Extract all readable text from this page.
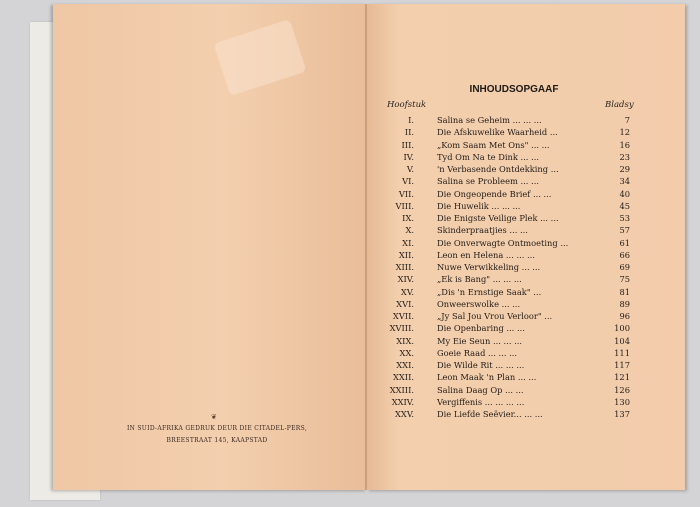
❦
IN SUID-AFRIKA GEDRUK DEUR DIE CITADEL-PERS,
BREESTRAAT 145, KAAPSTAD
INHOUDSOPGAAF
Hoofstuk	Bladsy
I.	Salina se Geheim ... ... ...	7
II.	Die Afskuwelike Waarheid ...	12
III.	„Kom Saam Met Ons" ... ...	16
IV.	Tyd Om Na te Dink ... ...	23
V.	'n Verbasende Ontdekking ...	29
VI.	Salina se Probleem ... ...	34
VII.	Die Ongeopende Brief ... ...	40
VIII.	Die Huwelik ... ... ...	45
IX.	Die Enigste Veilige Plek ... ...	53
X.	Skinderpraatjies ... ...	57
XI.	Die Onverwagte Ontmoeting ...	61
XII.	Leon en Helena ... ... ...	66
XIII.	Nuwe Verwikkeling ... ...	69
XIV.	„Ek is Bang" ... ... ...	75
XV.	„Dis 'n Ernstige Saak" ...	81
XVI.	Onweerswolke ... ...	89
XVII.	„Jy Sal Jou Vrou Verloor" ...	96
XVIII.	Die Openbaring ... ...	100
XIX.	My Eie Seun ... ... ...	104
XX.	Goeie Raad ... ... ...	111
XXI.	Die Wilde Rit ... ... ...	117
XXII.	Leon Maak 'n Plan ... ...	121
XXIII.	Salina Daag Op ... ...	126
XXIV.	Vergiffenis ... ... ... ...	130
XXV.	Die Liefde Seëvier... ... ...	137
